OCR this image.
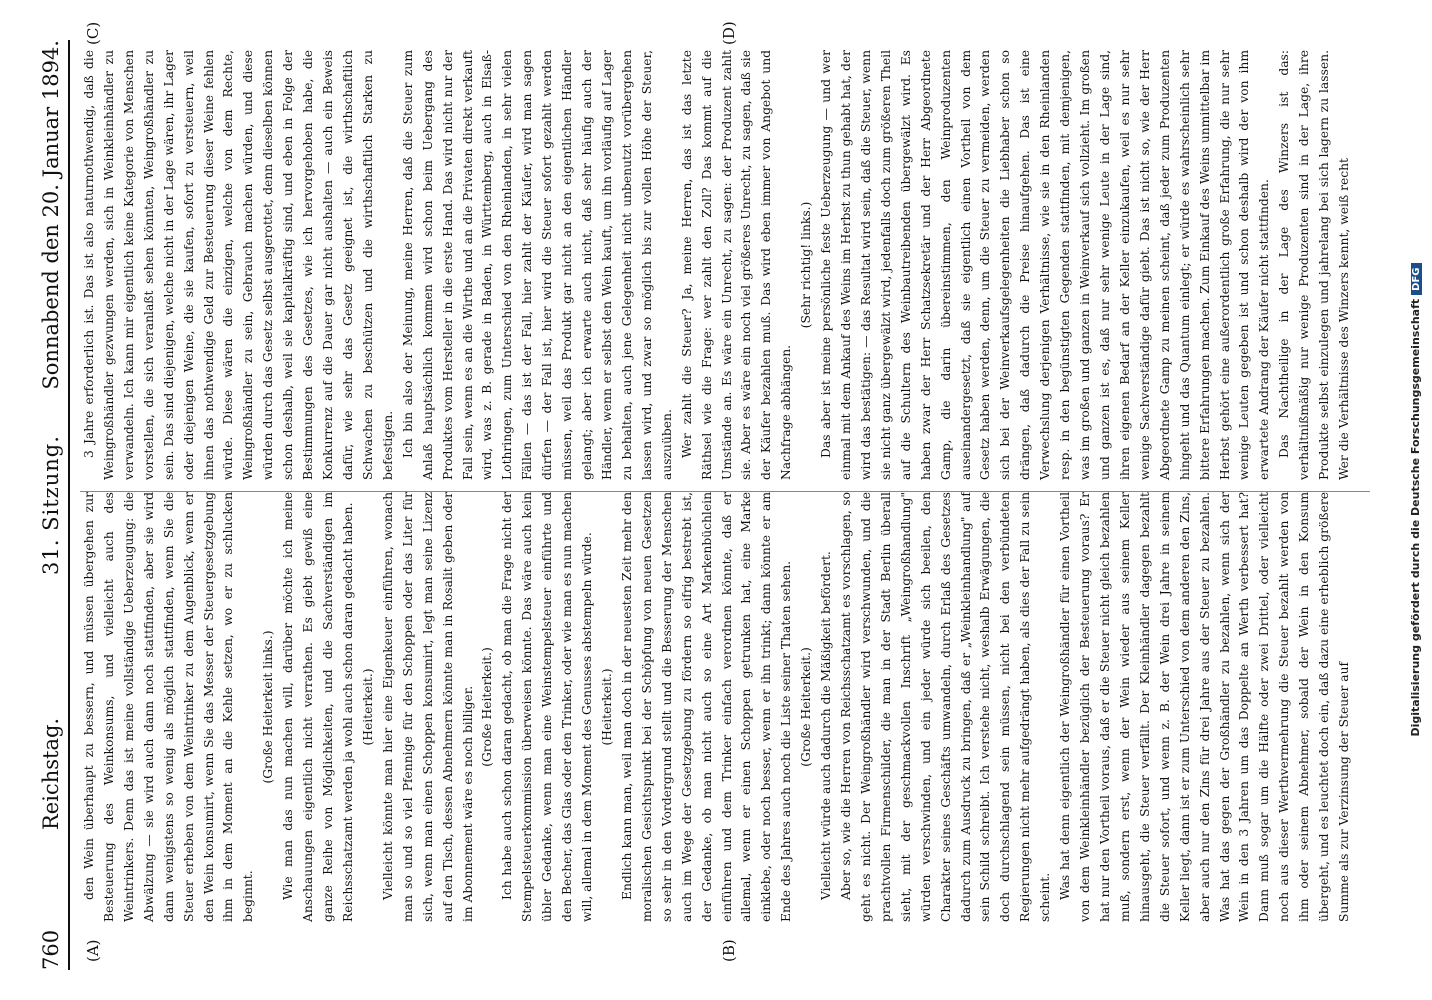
760
Reichstag.
31. Sitzung.
Sonnabend den 20. Januar 1894.
(A)	(B)
(C)	(D)

den Wein überhaupt zu bessern, und müssen übergehen zur Besteuerung des Weinkonsums, und vielleicht auch des Weintrinkers. Denn das ist meine vollständige Ueberzeugung: die Abwälzung — sie wird auch dann noch stattfinden, aber sie wird dann wenigstens so wenig als möglich stattfinden, wenn Sie die Steuer erheben von dem Weintrinker zu dem Augenblick, wenn er den Wein konsumirt, wenn Sie das Messer der Steuergesetzgebung ihm in dem Moment an die Kehle setzen, wo er zu schlucken beginnt.

(Große Heiterkeit links.) Wie man das nun machen will, darüber möchte ich meine Anschauungen eigentlich nicht verrathen. Es giebt gewiß eine ganze Reihe von Möglichkeiten, und die Sachverständigen im Reichsschatzamt werden ja wohl auch schon daran gedacht haben. (Heiterkeit.) Vielleicht könnte man hier eine Eigenkeuer einführen, wonach man so und so viel Pfennige für den Schoppen oder das Liter für sich, wenn man einen Schoppen konsumirt, legt man seine Lizenz auf den Tisch, dessen Abnehmern könnte man in Rosalit geben oder im Abonnement wäre es noch billiger. (Große Heiterkeit.) Ich habe auch schon daran gedacht, ob man die Frage nicht der Stempelsteuerkommission überweisen könnte. Das wäre auch kein übler Gedanke, wenn man eine Weinstempelsteuer einführte und den Becher, das Glas oder den Trinker, oder wie man es nun machen will, allemal in dem Moment des Genusses abstempeln würde. (Heiterkeit.) Endlich kann man, weil man doch in der neuesten Zeit mehr den moralischen Gesichtspunkt bei der Schöpfung von neuen Gesetzen so sehr in den Vordergrund stellt und die Besserung der Menschen auch im Wege der Gesetzgebung zu fördern so eifrig bestrebt ist, der Gedanke, ob man nicht auch so eine Art Markenbüchlein einführen und dem Trinker einfach verordnen könnte, daß er allemal, wenn er einen Schoppen getrunken hat, eine Marke einklebe, oder noch besser, wenn er ihn trinkt; dann könnte er am Ende des Jahres auch noch die Liste seiner Thaten sehen. (Große Heiterkeit.) Vielleicht würde auch dadurch die Mäßigkeit befördert. Aber so, wie die Herren von Reichsschatzamt es vorschlagen, so geht es nicht. Der Weingroßhändler wird verschwunden, und die prachtvollen Firmenschilder, die man in der Stadt Berlin überall sieht, mit der geschmackvollen Inschrift „Weingroßhandlung" würden verschwinden, und ein jeder würde sich beeilen, den Charakter seines Geschäfts umwandeln, durch Erlaß des Gesetzes dadurch zum Ausdruck zu bringen, daß er „Weinkleinhandlung" auf sein Schild schreibt. Ich verstehe nicht, weshalb Erwägungen, die doch durchschlagend sein müssen, nicht bei den verbündeten Regierungen nicht mehr aufgedrängt haben, als dies der Fall zu sein scheint. Was hat denn eigentlich der Weingroßhändler für einen Vortheil von dem Weinkleinhändler bezüglich der Besteuerung voraus? Er hat nur den Vortheil voraus, daß er die Steuer nicht gleich bezahlen muß, sondern erst, wenn der Wein wieder aus seinem Keller hinausgeht, die Steuer verfällt. Der Kleinhändler dagegen bezahlt die Steuer sofort, und wenn z. B. der Wein drei Jahre in seinem Keller liegt, dann ist er zum Unterschied von dem anderen den Zins, aber auch nur den Zins für drei Jahre aus der Steuer zu bezahlen. Was hat das gegen der Großhändler zu bezahlen, wenn sich der Wein in den 3 Jahren um das Doppelte an Werth verbessert hat? Dann muß sogar um die Hälfte oder zwei Drittel, oder vielleicht noch aus dieser Werthvermehrung die Steuer bezahlt werden von ihm oder seinem Abnehmer, sobald der Wein in den Konsum übergeht, und es leuchtet doch ein, daß dazu eine erheblich größere Summe als zur Verzinsung der Steuer auf

3 Jahre erforderlich ist. Das ist also naturnothwendig, daß die Weingroßhändler gezwungen werden, sich in Weinkleinhändler zu verwandeln. Ich kann mir eigentlich keine Kategorie von Menschen vorstellen, die sich veranlaßt sehen könnten, Weingroßhändler zu sein. Das sind diejenigen, welche nicht in der Lage wären, ihr Lager oder diejenigen Weine, die sie kaufen, sofort zu versteuern, weil ihnen das nothwendige Geld zur Besteuerung dieser Weine fehlen würde. Diese wären die einzigen, welche von dem Rechte, Weingroßhändler zu sein, Gebrauch machen würden, und diese würden durch das Gesetz selbst ausgerottet, denn dieselben können schon deshalb, weil sie kapitalkräftig sind, und eben in Folge der Bestimmungen des Gesetzes, wie ich hervorgehoben habe, die Konkurrenz auf die Dauer gar nicht aushalten — auch ein Beweis dafür, wie sehr das Gesetz geeignet ist, die wirthschaftlich Schwachen zu beschützen und die wirthschaftlich Starken zu befestigen. Ich bin also der Meinung, meine Herren, daß die Steuer zum Anlaß hauptsächlich kommen wird schon beim Uebergang des Produktes vom Hersteller in die erste Hand. Das wird nicht nur der Fall sein, wenn es an die Wirthe und an die Privaten direkt verkauft wird, was z. B. gerade in Baden, in Württemberg, auch in Elsaß-Lothringen, zum Unterschied von den Rheinlanden, in sehr vielen Fällen — das ist der Fall, hier zahlt der Käufer, wird man sagen dürfen — der Fall ist, hier wird die Steuer sofort gezahlt werden müssen, weil das Produkt gar nicht an den eigentlichen Händler gelangt; aber ich erwarte auch nicht, daß sehr häufig auch der Händler, wenn er selbst den Wein kauft, um ihn vorläufig auf Lager zu behalten, auch jene Gelegenheit nicht unbenutzt vorübergehen lassen wird, und zwar so möglich bis zur vollen Höhe der Steuer, auszuüben. Wer zahlt die Steuer? Ja, meine Herren, das ist das letzte Räthsel wie die Frage: wer zahlt den Zoll? Das kommt auf die Umstände an. Es wäre ein Unrecht, zu sagen: der Produzent zahlt sie. Aber es wäre ein noch viel größeres Unrecht, zu sagen, daß sie der Käufer bezahlen muß. Das wird eben immer von Angebot und Nachfrage abhängen.

(Sehr richtig! links.) Das aber ist meine persönliche feste Ueberzeugung — und wer einmal mit dem Ankauf des Weins im Herbst zu thun gehabt hat, der wird das bestätigen: — das Resultat wird sein, daß die Steuer, wenn sie nicht ganz übergewälzt wird, jedenfalls doch zum größeren Theil auf die Schultern des Weinbautreibenden übergewälzt wird. Es haben zwar der Herr Schatzsekretär und der Herr Abgeordnete Gamp, die darin übereinstimmen, den Weinproduzenten auseinandergesetzt, daß sie eigentlich einen Vortheil von dem Gesetz haben werden, denn, um die Steuer zu vermeiden, werden sich bei der Weinverkaufsgelegenheiten die Liebhaber schon so drängen, daß dadurch die Preise hinaufgehen. Das ist eine Verwechslung derjenigen Verhältnisse, wie sie in den Rheinlanden resp. in den begünstigten Gegenden stattfinden, mit demjenigen, was im großen und ganzen in Weinverkauf sich vollzieht. Im großen und ganzen ist es, daß nur sehr wenige Leute in der Lage sind, ihren eigenen Bedarf an der Keller einzukaufen, weil es nur sehr wenige Sachverständige dafür giebt. Das ist nicht so, wie der Herr Abgeordnete Gamp zu meinen scheint, daß jeder zum Produzenten hingeht und das Quantum einlegt; er würde es wahrscheinlich sehr bittere Erfahrungen machen. Zum Einkauf des Weins unmittelbar im Herbst gehört eine außerordentlich große Erfahrung, die nur sehr wenige Leuten gegeben ist und schon deshalb wird der von ihm erwartete Andrang der Käufer nicht stattfinden. Das Nachtheilige in der Lage des Winzers ist das: verhältnißmäßig nur wenige Produzenten sind in der Lage, ihre Produkte selbst einzulegen und jahrelang bei sich lagern zu lassen. Wer die Verhältnisse des Winzers kennt, weiß recht	Digitalisierung gefördert durch die Deutsche ForschungsgemeinschaftDFG
